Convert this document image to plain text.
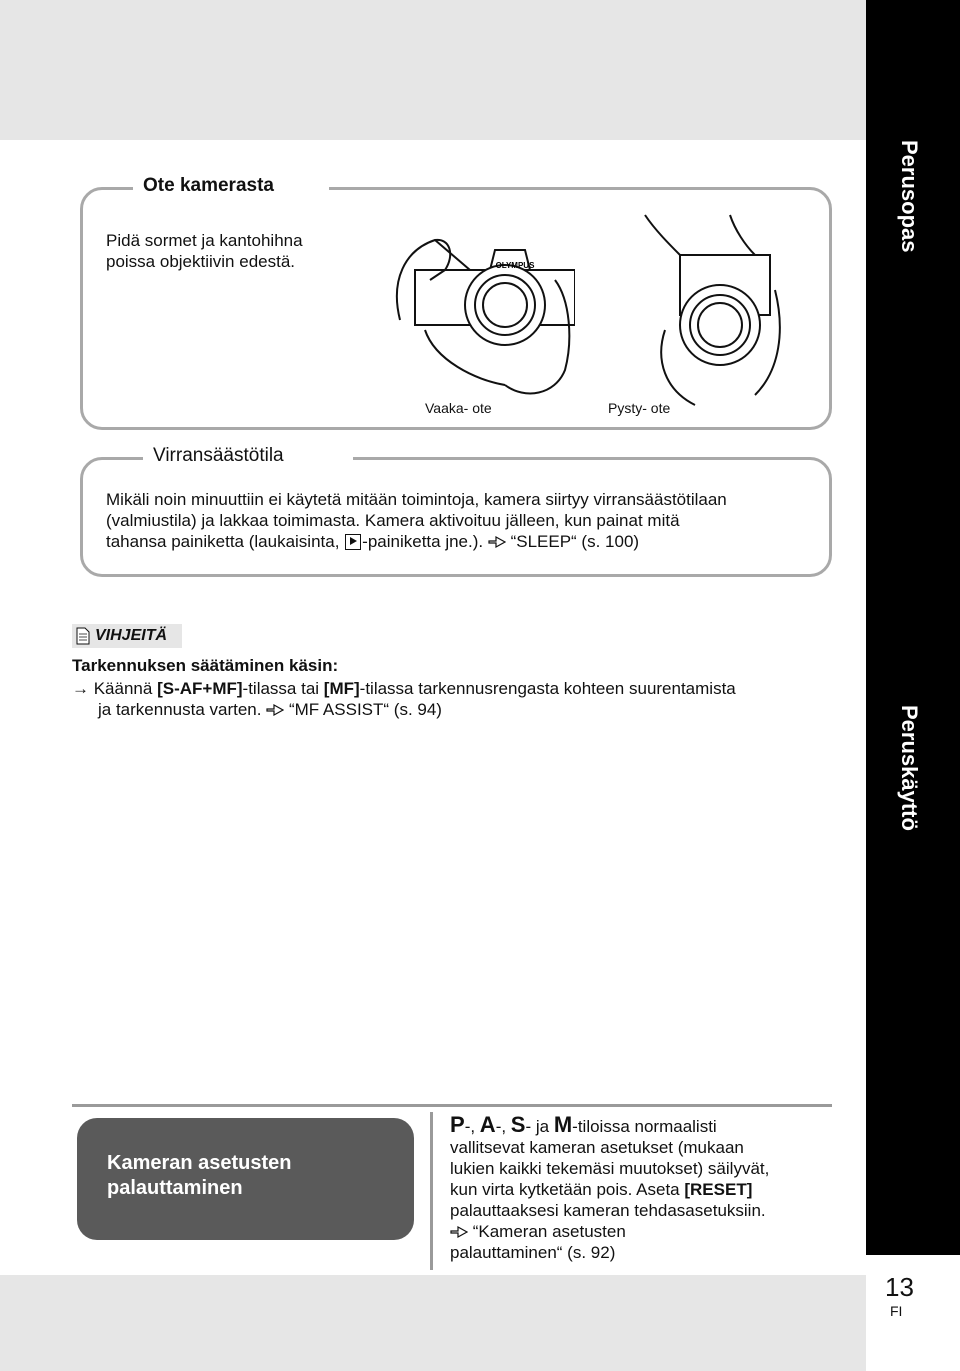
Perusopas
Peruskäyttö
Ote kamerasta
Pidä sormet ja kantohihna
poissa objektiivin edestä.	OLYMPUS
Vaaka- ote	Pysty- ote
Virransäästötila
Mikäli noin minuuttiin ei käytetä mitään toimintoja, kamera siirtyy virransäästötilaan
(valmiustila) ja lakkaa toimimasta. Kamera aktivoituu jälleen, kun painat mitä
tahansa painiketta (laukaisinta, -painiketta jne.).  “SLEEP“ (s. 100)
VIHJEITÄ
Tarkennuksen säätäminen käsin:
→ Käännä [S-AF+MF]-tilassa tai [MF]-tilassa tarkennusrengasta kohteen suurentamista
ja tarkennusta varten.  “MF ASSIST“ (s. 94)
Kameran asetusten
palauttaminen
P-, A-, S- ja M-tiloissa normaalisti
vallitsevat kameran asetukset (mukaan
lukien kaikki tekemäsi muutokset) säilyvät,
kun virta kytketään pois. Aseta [RESET]
palauttaaksesi kameran tehdasasetuksiin.
“Kameran asetusten
palauttaminen“ (s. 92)
13
FI
